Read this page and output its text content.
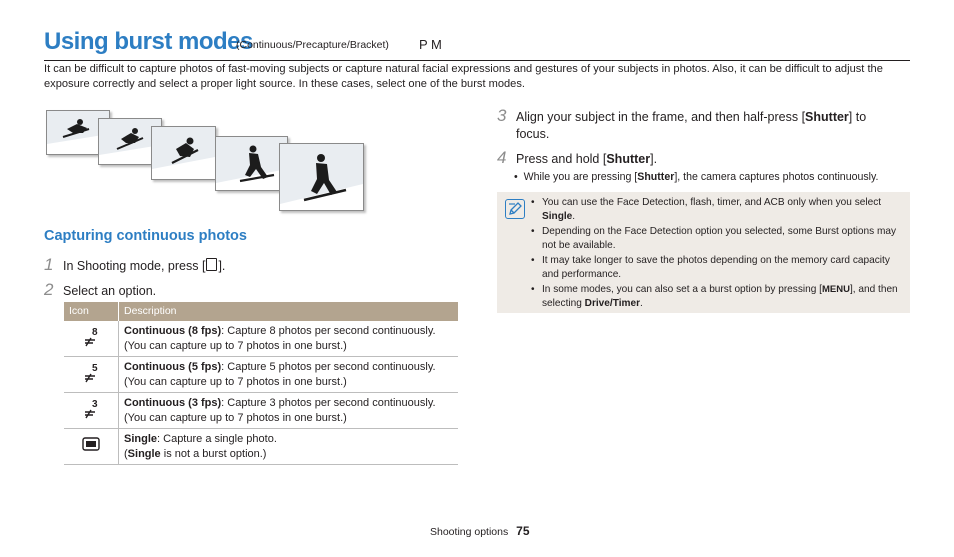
Using burst modes
(Continuous/Precapture/Bracket) P M
It can be difficult to capture photos of fast-moving subjects or capture natural facial expressions and gestures of your subjects in photos. Also, it can be difficult to adjust the exposure correctly and select a proper light source. In these cases, select one of the burst modes.
Capturing continuous photos
1 In Shooting mode, press [ ].
2 Select an option.
Icon	Description

8	Continuous (8 fps): Capture 8 photos per second continuously.
(You can capture up to 7 photos in one burst.)

5	Continuous (5 fps): Capture 5 photos per second continuously.
(You can capture up to 7 photos in one burst.)

3	Continuous (3 fps): Capture 3 photos per second continuously.
(You can capture up to 7 photos in one burst.)
	Single: Capture a single photo.
(Single is not a burst option.)
3 Align your subject in the frame, and then half-press [Shutter] to
focus.
4 Press and hold [Shutter].
•  While you are pressing [Shutter], the camera captures photos continuously.
• You can use the Face Detection, flash, timer, and ACB only when you select
Single.
• Depending on the Face Detection option you selected, some Burst options may
not be available.
• It may take longer to save the photos depending on the memory card capacity
and performance.
• In some modes, you can also set a a burst option by pressing [MENU], and then
selecting Drive/Timer.
Shooting options 75
